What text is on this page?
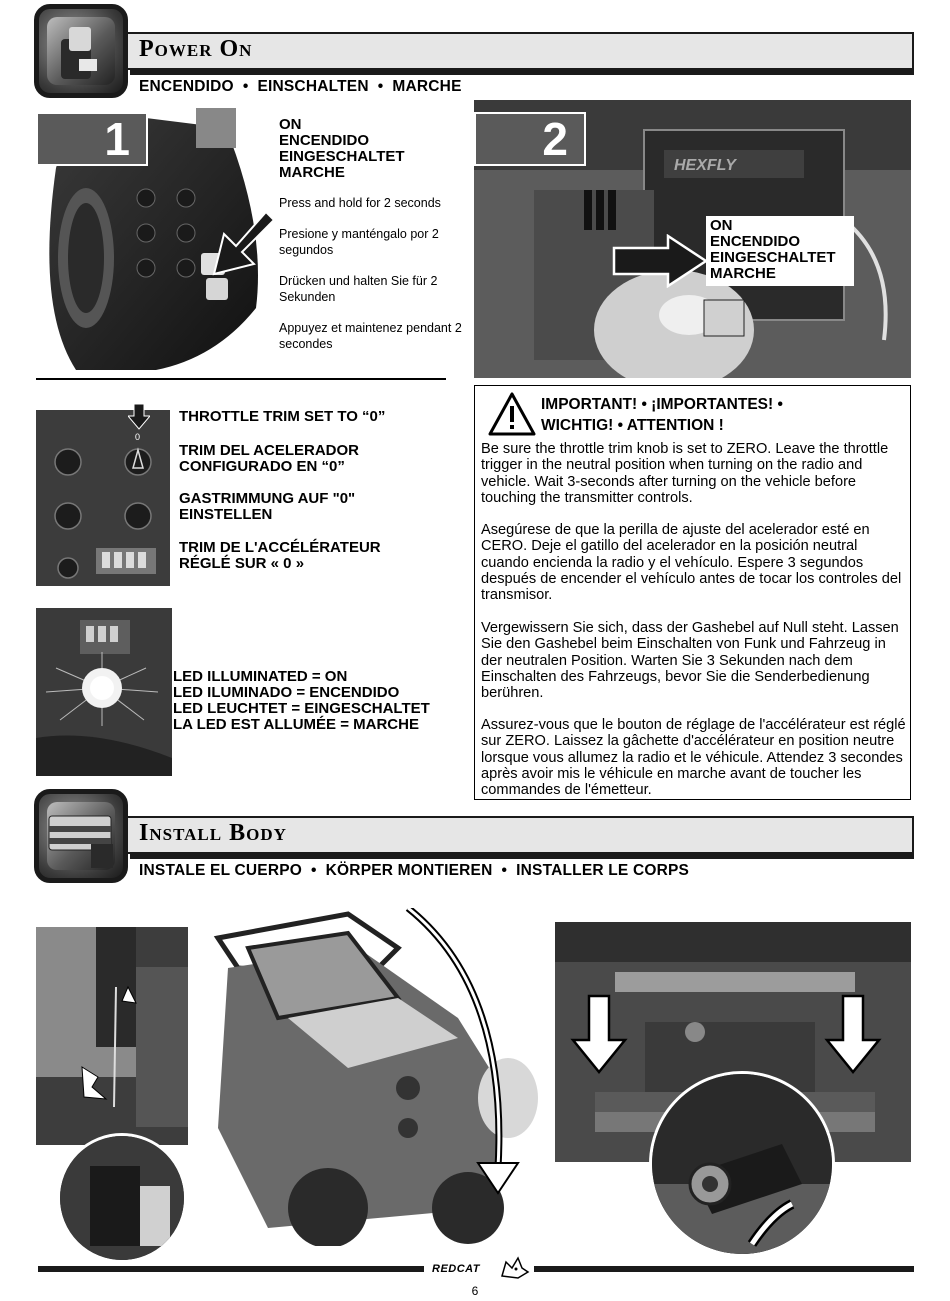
Power On
ENCENDIDO  •  EINSCHALTEN  •  MARCHE
1	ON
ENCENDIDO
EINGESCHALTET
MARCHE
Press and hold for 2 seconds
Presione y manténgalo por 2 segundos
Drücken und halten Sie für 2 Sekunden
Appuyez et maintenez pendant 2 secondes
HEXFLY
2
ON
ENCENDIDO
EINGESCHALTET
MARCHE
0
THROTTLE TRIM SET TO “0”
TRIM DEL ACELERADOR
CONFIGURADO EN “0”
GASTRIMMUNG AUF "0"
EINSTELLEN
TRIM DE L'ACCÉLÉRATEUR
RÉGLÉ SUR « 0 »
LED ILLUMINATED = ON
LED ILUMINADO = ENCENDIDO
LED LEUCHTET = EINGESCHALTET
LA LED EST ALLUMÉE = MARCHE
IMPORTANT! • ¡IMPORTANTES! •
WICHTIG! • ATTENTION !
Be sure the throttle trim knob is set to ZERO. Leave the throttle trigger in the neutral position when turning on the radio and vehicle. Wait 3-seconds after turning on the vehicle before touching the transmitter controls.
Asegúrese de que la perilla de ajuste del acelerador esté en CERO. Deje el gatillo del acelerador en la posición neutral cuando encienda la radio y el vehículo. Espere 3 segundos después de encender el vehículo antes de tocar los controles del transmisor.
Vergewissern Sie sich, dass der Gashebel auf Null steht. Lassen Sie den Gashebel beim Einschalten von Funk und Fahrzeug in der neutralen Position. Warten Sie 3 Sekunden nach dem Einschalten des Fahrzeugs, bevor Sie die Senderbedienung berühren.
Assurez-vous que le bouton de réglage de l'accélérateur est réglé sur ZERO. Laissez la gâchette d'accélérateur en position neutre lorsque vous allumez la radio et le véhicule. Attendez 3 secondes après avoir mis le véhicule en marche avant de toucher les commandes de l'émetteur.
Install Body
INSTALE EL CUERPO  •  KÖRPER MONTIEREN  •  INSTALLER LE CORPS
REDCAT
6
